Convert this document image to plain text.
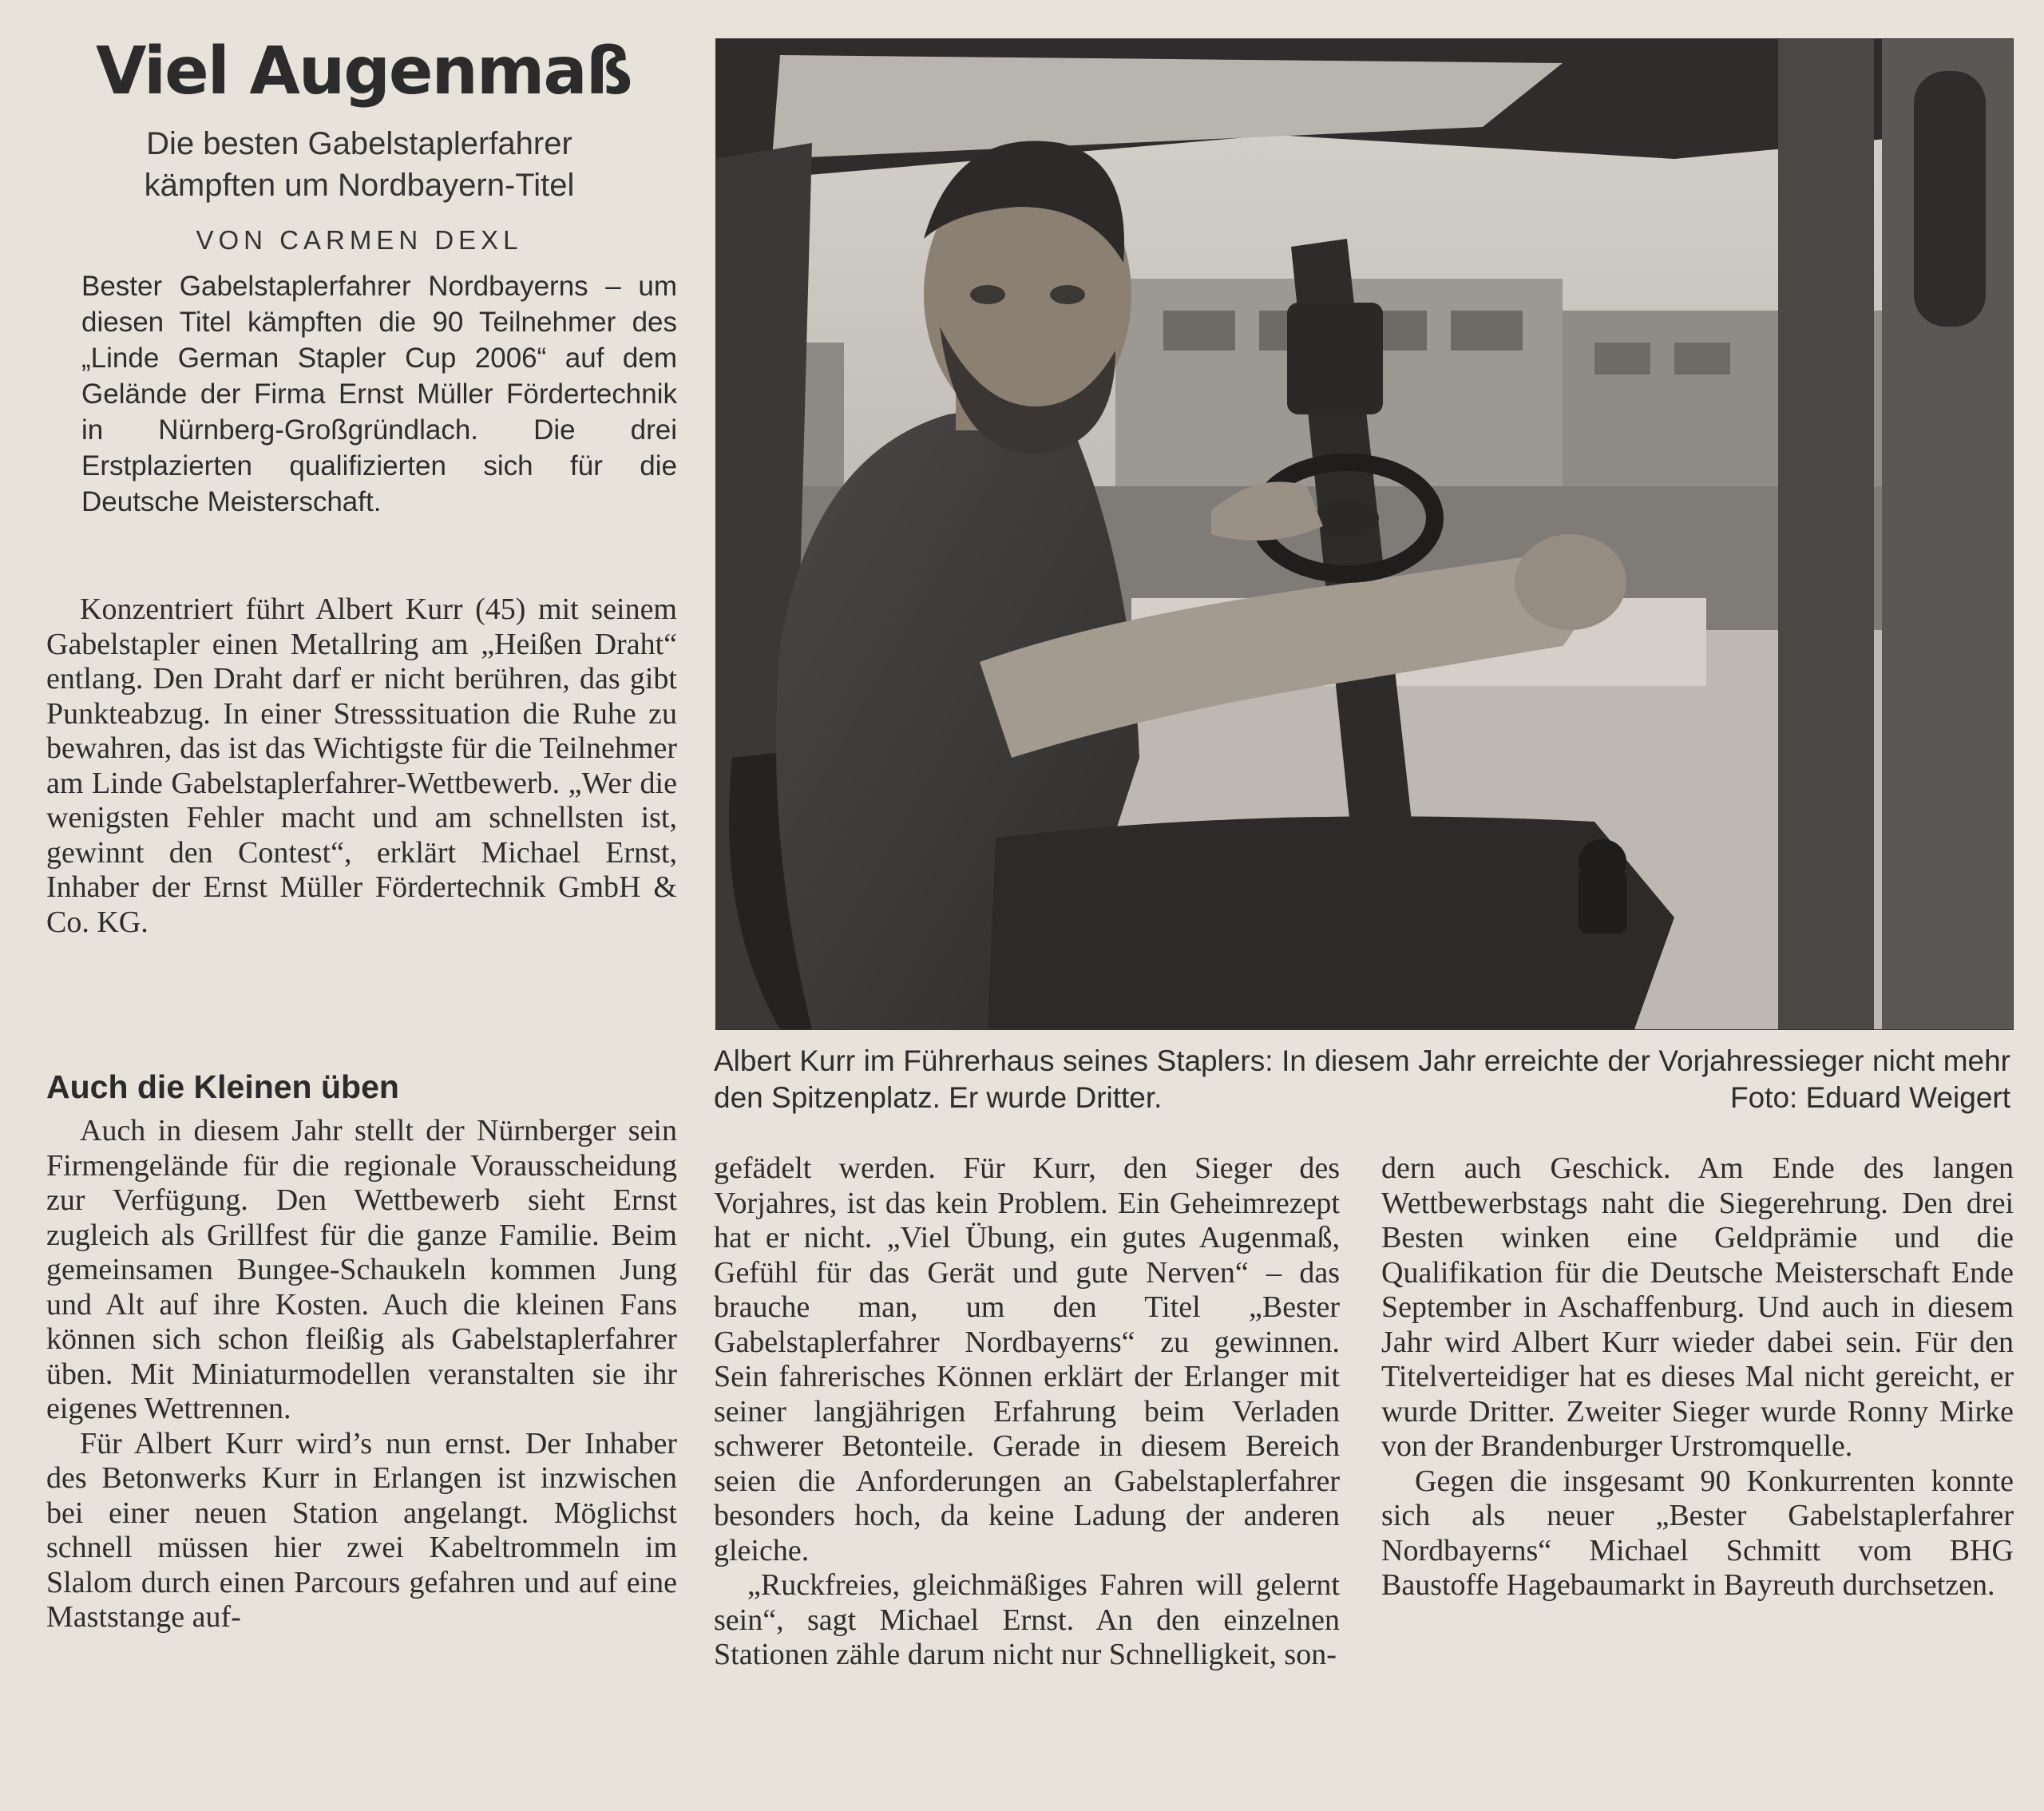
Viel Augenmaß
Die besten Gabelstaplerfahrer
kämpften um Nordbayern-Titel
VON CARMEN DEXL
Bester Gabelstaplerfahrer Nordbayerns – um diesen Titel kämpften die 90 Teilnehmer des „Linde German Stapler Cup 2006“ auf dem Gelände der Firma Ernst Müller Fördertechnik in Nürnberg-Großgründlach. Die drei Erstplazierten qualifizierten sich für die Deutsche Meisterschaft.

Konzentriert führt Albert Kurr (45) mit seinem Gabelstapler einen Metallring am „Heißen Draht“ entlang. Den Draht darf er nicht berühren, das gibt Punkteabzug. In einer Stresssituation die Ruhe zu bewahren, das ist das Wichtigste für die Teilnehmer am Linde Gabelstaplerfahrer-Wettbewerb. „Wer die wenigsten Fehler macht und am schnellsten ist, gewinnt den Contest“, erklärt Michael Ernst, Inhaber der Ernst Müller Fördertechnik GmbH & Co. KG.

Auch die Kleinen üben

Auch in diesem Jahr stellt der Nürnberger sein Firmengelände für die regionale Vorausscheidung zur Verfügung. Den Wettbewerb sieht Ernst zugleich als Grillfest für die ganze Familie. Beim gemeinsamen Bungee-Schaukeln kommen Jung und Alt auf ihre Kosten. Auch die kleinen Fans können sich schon fleißig als Gabelstaplerfahrer üben. Mit Miniaturmodellen veranstalten sie ihr eigenes Wettrennen.

Für Albert Kurr wird’s nun ernst. Der Inhaber des Betonwerks Kurr in Erlangen ist inzwischen bei einer neuen Station angelangt. Möglichst schnell müssen hier zwei Kabeltrommeln im Slalom durch einen Parcours gefahren und auf eine Maststange auf-

Albert Kurr im Führerhaus seines Staplers: In diesem Jahr erreichte der Vorjahressieger nicht mehr den Spitzenplatz. Er wurde Dritter.	Foto: Eduard Weigert

gefädelt werden. Für Kurr, den Sieger des Vorjahres, ist das kein Problem. Ein Geheimrezept hat er nicht. „Viel Übung, ein gutes Augenmaß, Gefühl für das Gerät und gute Nerven“ – das brauche man, um den Titel „Bester Gabelstaplerfahrer Nordbayerns“ zu gewinnen. Sein fahrerisches Können erklärt der Erlanger mit seiner langjährigen Erfahrung beim Verladen schwerer Betonteile. Gerade in diesem Bereich seien die Anforderungen an Gabelstaplerfahrer besonders hoch, da keine Ladung der anderen gleiche.

„Ruckfreies, gleichmäßiges Fahren will gelernt sein“, sagt Michael Ernst. An den einzelnen Stationen zähle darum nicht nur Schnelligkeit, son-

dern auch Geschick. Am Ende des langen Wettbewerbstags naht die Siegerehrung. Den drei Besten winken eine Geldprämie und die Qualifikation für die Deutsche Meisterschaft Ende September in Aschaffenburg. Und auch in diesem Jahr wird Albert Kurr wieder dabei sein. Für den Titelverteidiger hat es dieses Mal nicht gereicht, er wurde Dritter. Zweiter Sieger wurde Ronny Mirke von der Brandenburger Urstromquelle.

Gegen die insgesamt 90 Konkurrenten konnte sich als neuer „Bester Gabelstaplerfahrer Nordbayerns“ Michael Schmitt vom BHG Baustoffe Hagebaumarkt in Bayreuth durchsetzen.
